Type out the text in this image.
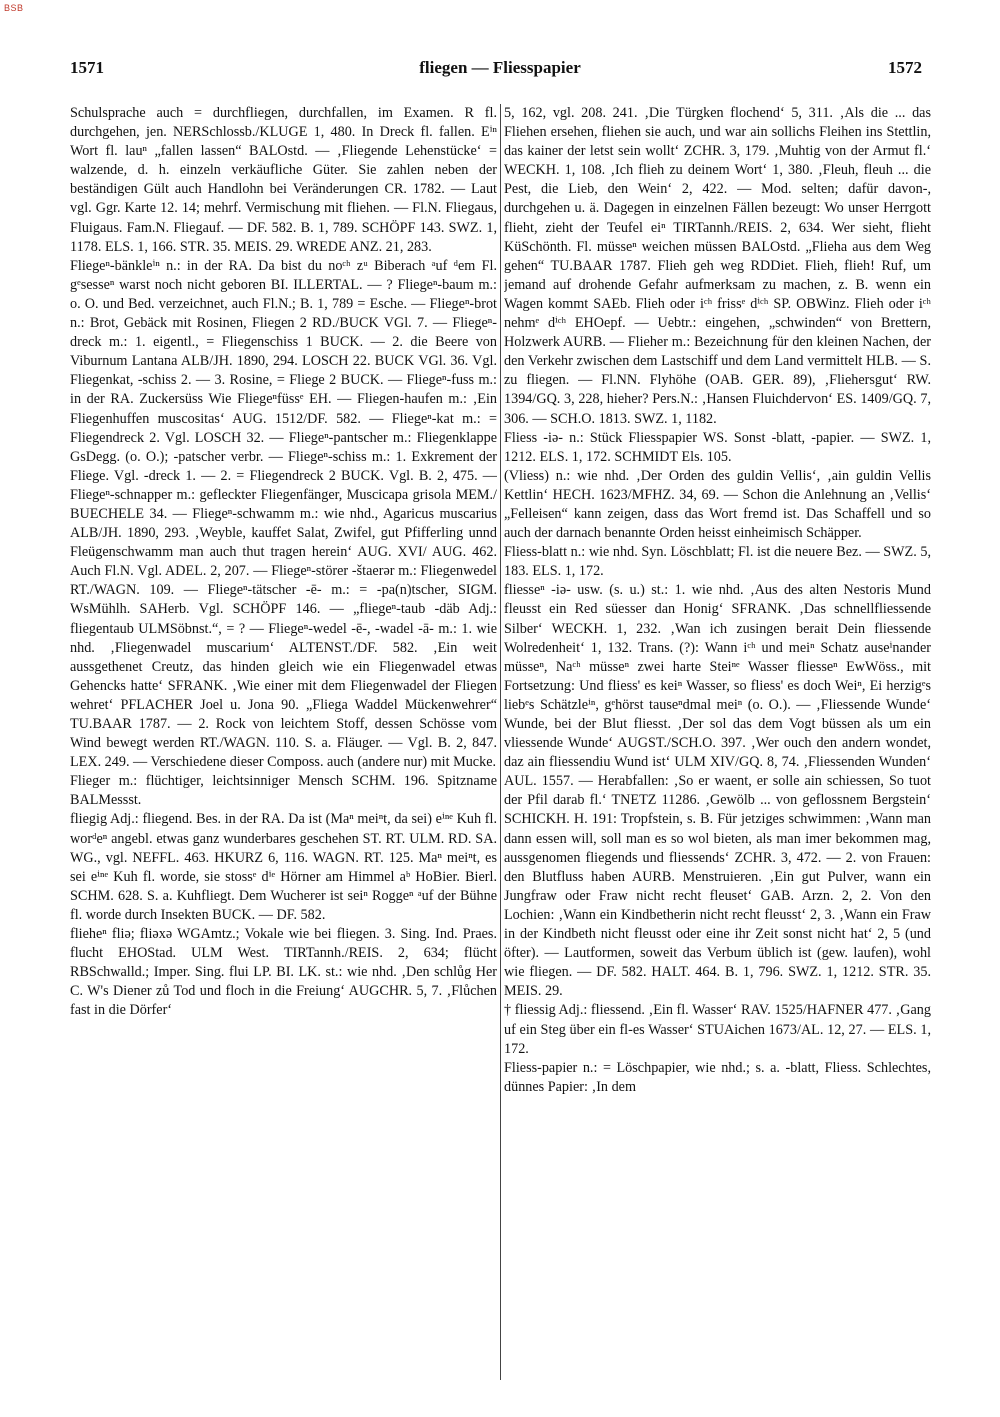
BSB
1571	fliegen — Fliesspapier	1572

Schulsprache auch = durchfliegen, durchfallen, im Examen. R fl. durchgehen, jen. NERSchlossb./KLUGE 1, 480. In Dreck fl. fallen. Eⁱⁿ Wort fl. lauⁿ „fallen lassen“ BALOstd. — ‚Fliegende Lehenstücke‘ = walzende, d. h. einzeln verkäufliche Güter. Sie zahlen neben der beständigen Gült auch Handlohn bei Veränderungen CR. 1782. — Laut vgl. Ggr. Karte 12. 14; mehrf. Vermischung mit fliehen. — Fl.N. Fliegaus, Fluigaus. Fam.N. Fliegauf. — DF. 582. B. 1, 789. SCHÖPF 143. SWZ. 1, 1178. ELS. 1, 166. STR. 35. MEIS. 29. WREDE ANZ. 21, 283.

Fliegeⁿ-bänkleⁱⁿ n.: in der RA. Da bist du noᶜʰ zᵘ Biberach ᵃuf ᵈem Fl. gᵉsesseⁿ warst noch nicht geboren BI. ILLERTAL. — ? Fliegeⁿ-baum m.: o. O. und Bed. verzeichnet, auch Fl.N.; B. 1, 789 = Esche. — Fliegeⁿ-brot n.: Brot, Gebäck mit Rosinen, Fliegen 2 RD./BUCK VGl. 7. — Fliegeⁿ-dreck m.: 1. eigentl., = Fliegenschiss 1 BUCK. — 2. die Beere von Viburnum Lantana ALB/JH. 1890, 294. LOSCH 22. BUCK VGl. 36. Vgl. Fliegenkat, -schiss 2. — 3. Rosine, = Fliege 2 BUCK. — Fliegeⁿ-fuss m.: in der RA. Zuckersüss Wie Fliegeⁿfüssᵉ EH. — Fliegen-haufen m.: ‚Ein Fliegenhuffen muscositas‘ AUG. 1512/DF. 582. — Fliegeⁿ-kat m.: = Fliegendreck 2. Vgl. LOSCH 32. — Fliegeⁿ-pantscher m.: Fliegenklappe GsDegg. (o. O.); -patscher verbr. — Fliegeⁿ-schiss m.: 1. Exkrement der Fliege. Vgl. -dreck 1. — 2. = Fliegendreck 2 BUCK. Vgl. B. 2, 475. — Fliegeⁿ-schnapper m.: gefleckter Fliegenfänger, Muscicapa grisola MEM./ BUECHELE 34. — Fliegeⁿ-schwamm m.: wie nhd., Agaricus muscarius ALB/JH. 1890, 293. ‚Weyble, kauffet Salat, Zwifel, gut Pfifferling unnd Fleügenschwamm man auch thut tragen herein‘ AUG. XVI/ AUG. 462. Auch Fl.N. Vgl. ADEL. 2, 207. — Fliegeⁿ-störer -štaerər m.: Fliegenwedel RT./WAGN. 109. — Fliegeⁿ-tätscher -ē- m.: = -pa(n)tscher, SIGM. WsMühlh. SAHerb. Vgl. SCHÖPF 146. — „fliegeⁿ-taub -däb Adj.: fliegentaub ULMSöbnst.“, = ? — Fliegeⁿ-wedel -ē-, -wadel -ā- m.: 1. wie nhd. ‚Fliegenwadel muscarium‘ ALTENST./DF. 582. ‚Ein weit aussgethenet Creutz, das hinden gleich wie ein Fliegenwadel etwas Gehencks hatte‘ SFRANK. ‚Wie einer mit dem Fliegenwadel der Fliegen wehret‘ PFLACHER Joel u. Jona 90. „Fliega Waddel Mückenwehrer“ TU.BAAR 1787. — 2. Rock von leichtem Stoff, dessen Schösse vom Wind bewegt werden RT./WAGN. 110. S. a. Fläuger. — Vgl. B. 2, 847. LEX. 249. — Verschiedene dieser Composs. auch (andere nur) mit Mucke.

Flieger m.: flüchtiger, leichtsinniger Mensch SCHM. 196. Spitzname BALMessst.

fliegig Adj.: fliegend. Bes. in der RA. Da ist (Maⁿ meiⁿt, da sei) eⁱⁿᵉ Kuh fl. worᵈeⁿ angebl. etwas ganz wunderbares geschehen ST. RT. ULM. RD. SA. WG., vgl. NEFFL. 463. HKURZ 6, 116. WAGN. RT. 125. Maⁿ meiⁿt, es sei eⁱⁿᵉ Kuh fl. worde, sie stossᵉ dⁱᵉ Hörner am Himmel aᵇ HoBier. Bierl. SCHM. 628. S. a. Kuhfliegt. Dem Wucherer ist seiⁿ Roggeⁿ ᵃuf der Bühne fl. worde durch Insekten BUCK. — DF. 582.

flieheⁿ fliə; fliəxə WGAmtz.; Vokale wie bei fliegen. 3. Sing. Ind. Praes. flucht EHOStad. ULM West. TIRTannh./REIS. 2, 634; flücht RBSchwalld.; Imper. Sing. flui LP. BI. LK. st.: wie nhd. ‚Den schlůg Her C. W's Diener zů Tod und floch in die Freiung‘ AUGCHR. 5, 7. ‚Flůchen fast in die Dörfer‘

5, 162, vgl. 208. 241. ‚Die Türgken flochend‘ 5, 311. ‚Als die ... das Fliehen ersehen, fliehen sie auch, und war ain sollichs Fleihen ins Stettlin, das kainer der letst sein wollt‘ ZCHR. 3, 179. ‚Muhtig von der Armut fl.‘ WECKH. 1, 108. ‚Ich flieh zu deinem Wort‘ 1, 380. ‚Fleuh, fleuh ... die Pest, die Lieb, den Wein‘ 2, 422. — Mod. selten; dafür davon-, durchgehen u. ä. Dagegen in einzelnen Fällen bezeugt: Wo unser Herrgott flieht, zieht der Teufel eiⁿ TIRTannh./REIS. 2, 634. Wer sieht, flieht KüSchönth. Fl. müsseⁿ weichen müssen BALOstd. „Flieha aus dem Weg gehen“ TU.BAAR 1787. Flieh geh weg RDDiet. Flieh, flieh! Ruf, um jemand auf drohende Gefahr aufmerksam zu machen, z. B. wenn ein Wagen kommt SAEb. Flieh oder iᶜʰ frissᵉ dⁱᶜʰ SP. OBWinz. Flieh oder iᶜʰ nehmᵉ dⁱᶜʰ EHOepf. — Uebtr.: eingehen, „schwinden“ von Brettern, Holzwerk AURB. — Flieher m.: Bezeichnung für den kleinen Nachen, der den Verkehr zwischen dem Lastschiff und dem Land vermittelt HLB. — S. zu fliegen. — Fl.NN. Flyhöhe (OAB. GER. 89), ‚Fliehersgut‘ RW. 1394/GQ. 3, 228, hieher? Pers.N.: ‚Hansen Fluichdervon‘ ES. 1409/GQ. 7, 306. — SCH.O. 1813. SWZ. 1, 1182.

Fliess -iə- n.: Stück Fliesspapier WS. Sonst -blatt, -papier. — SWZ. 1, 1212. ELS. 1, 172. SCHMIDT Els. 105.

(Vliess) n.: wie nhd. ‚Der Orden des guldin Vellis‘, ‚ain guldin Vellis Kettlin‘ HECH. 1623/MFHZ. 34, 69. — Schon die Anlehnung an ‚Vellis‘ „Felleisen“ kann zeigen, dass das Wort fremd ist. Das Schaffell und so auch der darnach benannte Orden heisst einheimisch Schäpper.

Fliess-blatt n.: wie nhd. Syn. Löschblatt; Fl. ist die neuere Bez. — SWZ. 5, 183. ELS. 1, 172.

fliesseⁿ -iə- usw. (s. u.) st.: 1. wie nhd. ‚Aus des alten Nestoris Mund fleusst ein Red süesser dan Honig‘ SFRANK. ‚Das schnellfliessende Silber‘ WECKH. 1, 232. ‚Wan ich zusingen berait Dein fliessende Wolredenheit‘ 1, 132. Trans. (?): Wann iᶜʰ und meiⁿ Schatz auseⁱnander müsseⁿ, Naᶜʰ müsseⁿ zwei harte Steiⁿᵉ Wasser fliesseⁿ EwWöss., mit Fortsetzung: Und fliess' es keiⁿ Wasser, so fliess' es doch Weiⁿ, Ei herzigᵉs liebᵉs Schätzleⁱⁿ, gᵉhörst tauseⁿdmal meiⁿ (o. O.). — ‚Fliessende Wunde‘ Wunde, bei der Blut fliesst. ‚Der sol das dem Vogt büssen als um ein vliessende Wunde‘ AUGST./SCH.O. 397. ‚Wer ouch den andern wondet, daz ain fliessendiu Wund ist‘ ULM XIV/GQ. 8, 74. ‚Fliessenden Wunden‘ AUL. 1557. — Herabfallen: ‚So er waent, er solle ain schiessen, So tuot der Pfil darab fl.‘ TNETZ 11286. ‚Gewölb ... von geflossnem Bergstein‘ SCHICKH. H. 191: Tropfstein, s. B. Für jetziges schwimmen: ‚Wann man dann essen will, soll man es so wol bieten, als man imer bekommen mag, aussgenomen fliegends und fliessends‘ ZCHR. 3, 472. — 2. von Frauen: den Blutfluss haben AURB. Menstruieren. ‚Ein gut Pulver, wann ein Jungfraw oder Fraw nicht recht fleuset‘ GAB. Arzn. 2, 2. Von den Lochien: ‚Wann ein Kindbetherin nicht recht fleusst‘ 2, 3. ‚Wann ein Fraw in der Kindbeth nicht fleusst oder eine ihr Zeit sonst nicht hat‘ 2, 5 (und öfter). — Lautformen, soweit das Verbum üblich ist (gew. laufen), wohl wie fliegen. — DF. 582. HALT. 464. B. 1, 796. SWZ. 1, 1212. STR. 35. MEIS. 29.

† fliessig Adj.: fliessend. ‚Ein fl. Wasser‘ RAV. 1525/HAFNER 477. ‚Gang uf ein Steg über ein fl-es Wasser‘ STUAichen 1673/AL. 12, 27. — ELS. 1, 172.

Fliess-papier n.: = Löschpapier, wie nhd.; s. a. -blatt, Fliess. Schlechtes, dünnes Papier: ‚In dem
